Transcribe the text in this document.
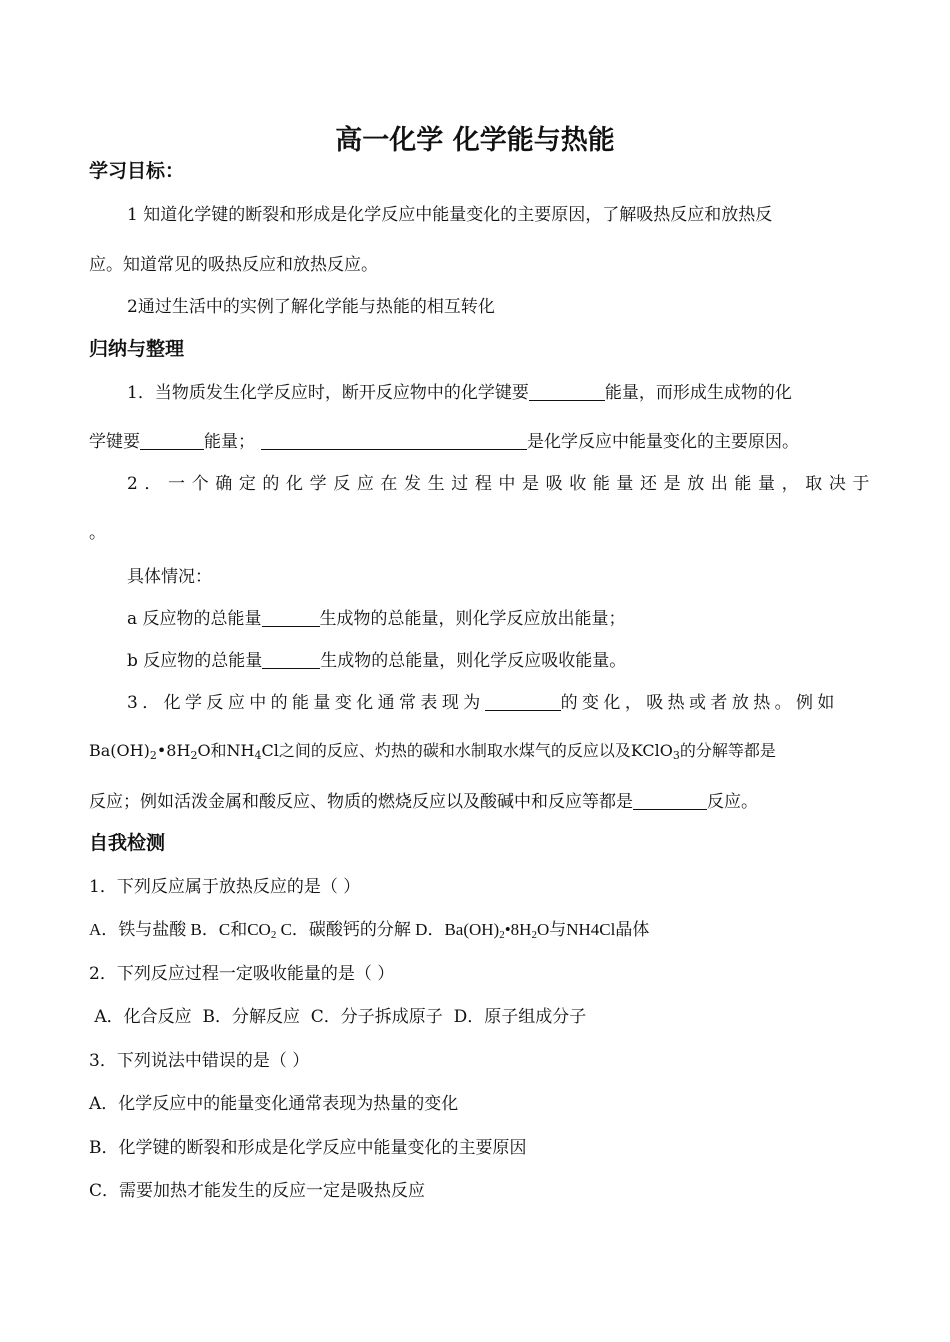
高一化学 化学能与热能
学习目标：
1 知道化学键的断裂和形成是化学反应中能量变化的主要原因，了解吸热反应和放热反
应。知道常见的吸热反应和放热反应。
2通过生活中的实例了解化学能与热能的相互转化
归纳与整理
1．当物质发生化学反应时，断开反应物中的化学键要	能量，而形成生成物的化
学键要	能量；	是化学反应中能量变化的主要原因。
2．一个确定的化学反应在发生过程中是吸收能量还是放出能量，取决于
。
具体情况：
a 反应物的总能量	生成物的总能量，则化学反应放出能量；
b 反应物的总能量	生成物的总能量，则化学反应吸收能量。
3．化学反应中的能量变化通常表现为	的变化，吸热或者放热。例如
$Ba(OH)_2•8H_2O$和$NH_4Cl$之间的反应、灼热的碳和水制取水煤气的反应以及KClO$_3$的分解等都是
反应；例如活泼金属和酸反应、物质的燃烧反应以及酸碱中和反应等都是	反应。
自我检测
1．下列反应属于放热反应的是（ ）
A．铁与盐酸 B．C和$CO_2$ C．碳酸钙的分解 D．$Ba(OH)_2•8H_2O$与NH4Cl晶体
2．下列反应过程一定吸收能量的是（ ）
A．化合反应  B．分解反应  C．分子拆成原子  D．原子组成分子
3．下列说法中错误的是（ ）
A．化学反应中的能量变化通常表现为热量的变化
B．化学键的断裂和形成是化学反应中能量变化的主要原因
C．需要加热才能发生的反应一定是吸热反应
